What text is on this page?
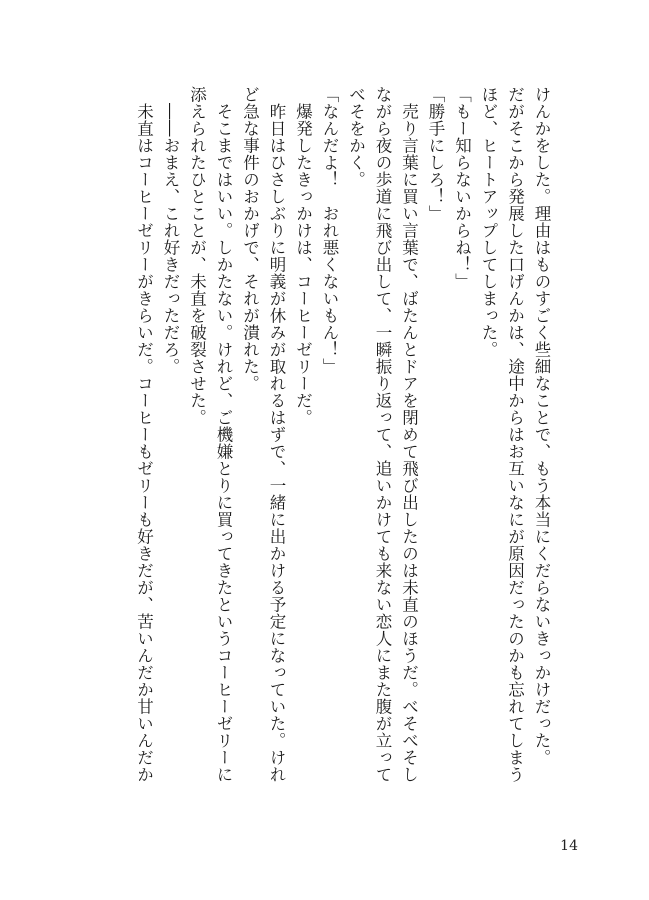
けんかをした。理由はものすごく些細なことで、もう本当にくだらないきっかけだった。
だがそこから発展した口げんかは、途中からはお互いなにが原因だったのかも忘れてしまう
ほど、ヒートアップしてしまった。
「もー知らないからね！」
「勝手にしろ！」
　売り言葉に買い言葉で、ばたんとドアを閉めて飛び出したのは未直のほうだ。べそべそし
ながら夜の歩道に飛び出して、一瞬振り返って、追いかけても来ない恋人にまた腹が立って
べそをかく。
「なんだよ！　おれ悪くないもん！」
　爆発したきっかけは、コーヒーゼリーだ。
　昨日はひさしぶりに明義が休みが取れるはずで、一緒に出かける予定になっていた。けれ
ど急な事件のおかげで、それが潰れた。
　そこまではいい。しかたない。けれど、ご機嫌とりに買ってきたというコーヒーゼリーに
添えられたひとことが、未直を破裂させた。
　――おまえ、これ好きだっただろ。
　未直はコーヒーゼリーがきらいだ。コーヒーもゼリーも好きだが、苦いんだか甘いんだか
14
